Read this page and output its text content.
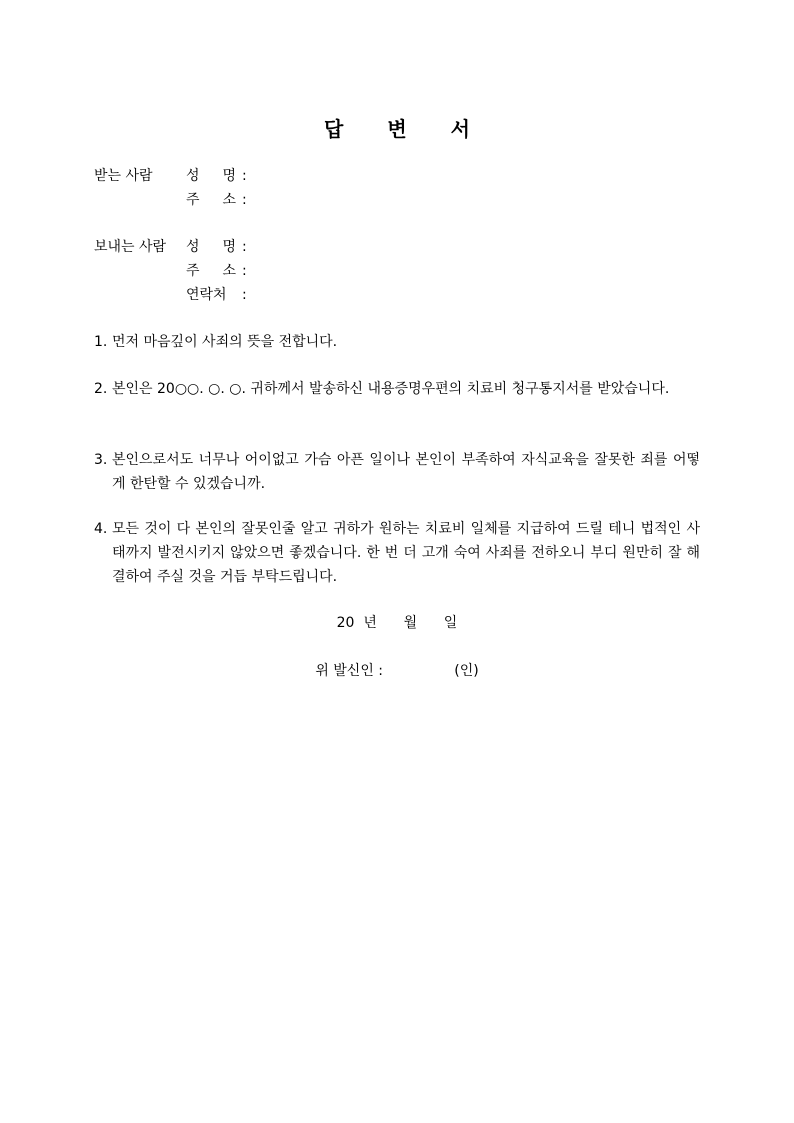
답 변 서
받는 사람 성 명 :
주 소 :
보내는 사람 성 명 :
주 소 :
연락처 :
1. 먼저 마음깊이 사죄의 뜻을 전합니다.
2. 본인은 20○○. ○. ○. 귀하께서 발송하신 내용증명우편의 치료비 청구통지서를 받았습니다.
3. 본인으로서도 너무나 어이없고 가슴 아픈 일이나 본인이 부족하여 자식교육을 잘못한 죄를 어떻게 한탄할 수 있겠습니까.
4. 모든 것이 다 본인의 잘못인줄 알고 귀하가 원하는 치료비 일체를 지급하여 드릴 테니 법적인 사태까지 발전시키지 않았으면 좋겠습니다. 한 번 더 고개 숙여 사죄를 전하오니 부디 원만히 잘 해결하여 주실 것을 거듭 부탁드립니다.
20  년      월      일
위 발신인 :                (인)
